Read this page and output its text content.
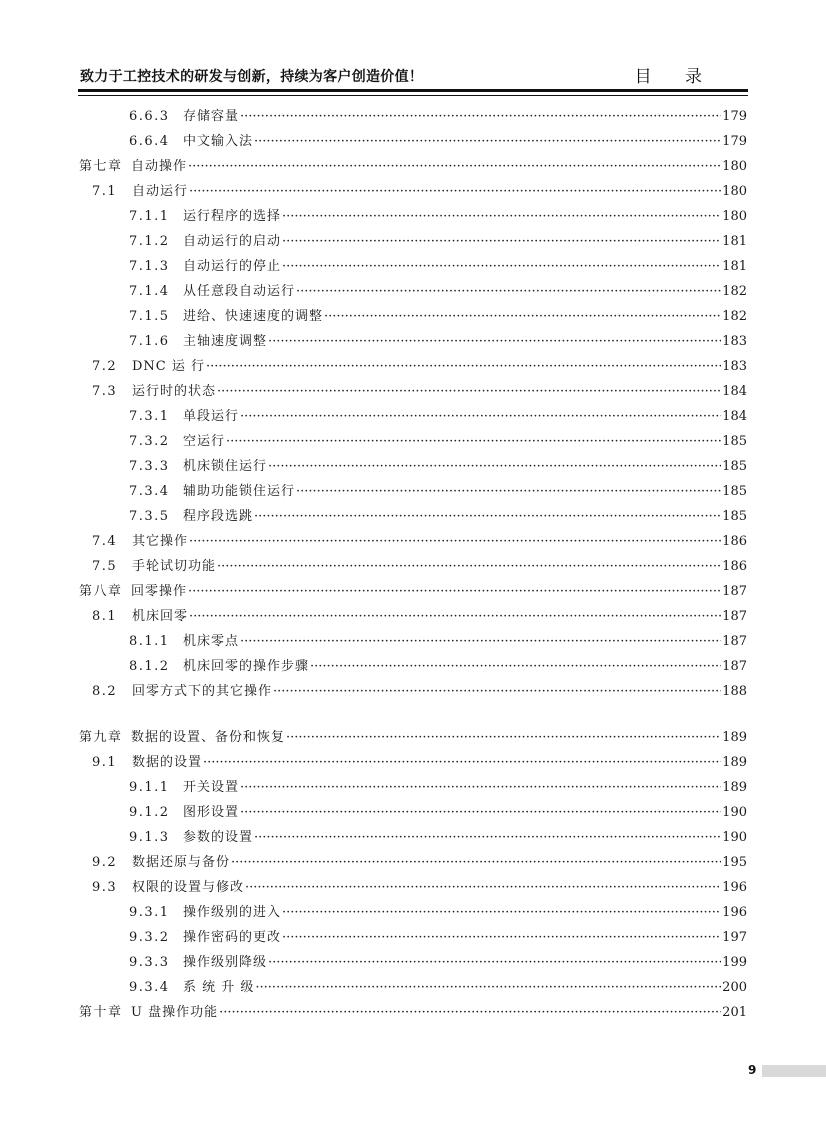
致力于工控技术的研发与创新，持续为客户创造价值！	目 录
6.6.3	存储容量 ·····	179
6.6.4	中文输入法 ·····	179
第七章 自动操作 ·····	180
7.1	自动运行 ·····	180
7.1.1	运行程序的选择 ·····	180
7.1.2	自动运行的启动 ·····	181
7.1.3	自动运行的停止 ·····	181
7.1.4	从任意段自动运行 ·····	182
7.1.5	进给、快速速度的调整 ·····	182
7.1.6	主轴速度调整 ·····	183
7.2	DNC 运 行 ·····	183
7.3	运行时的状态 ·····	184
7.3.1	单段运行 ·····	184
7.3.2	空运行 ·····	185
7.3.3	机床锁住运行 ·····	185
7.3.4	辅助功能锁住运行 ·····	185
7.3.5	程序段选跳 ·····	185
7.4	其它操作 ·····	186
7.5	手轮试切功能 ·····	186
第八章 回零操作 ·····	187
8.1	机床回零 ·····	187
8.1.1	机床零点 ·····	187
8.1.2	机床回零的操作步骤 ·····	187
8.2	回零方式下的其它操作 ·····	188
第九章 数据的设置、备份和恢复 ·····	189
9.1	数据的设置 ·····	189
9.1.1	开关设置 ·····	189
9.1.2	图形设置 ·····	190
9.1.3	参数的设置 ·····	190
9.2	数据还原与备份 ·····	195
9.3	权限的设置与修改 ·····	196
9.3.1	操作级别的进入 ·····	196
9.3.2	操作密码的更改 ·····	197
9.3.3	操作级别降级 ·····	199
9.3.4	系 统 升 级 ·····	200
第十章 U 盘操作功能 ·····	201
9
